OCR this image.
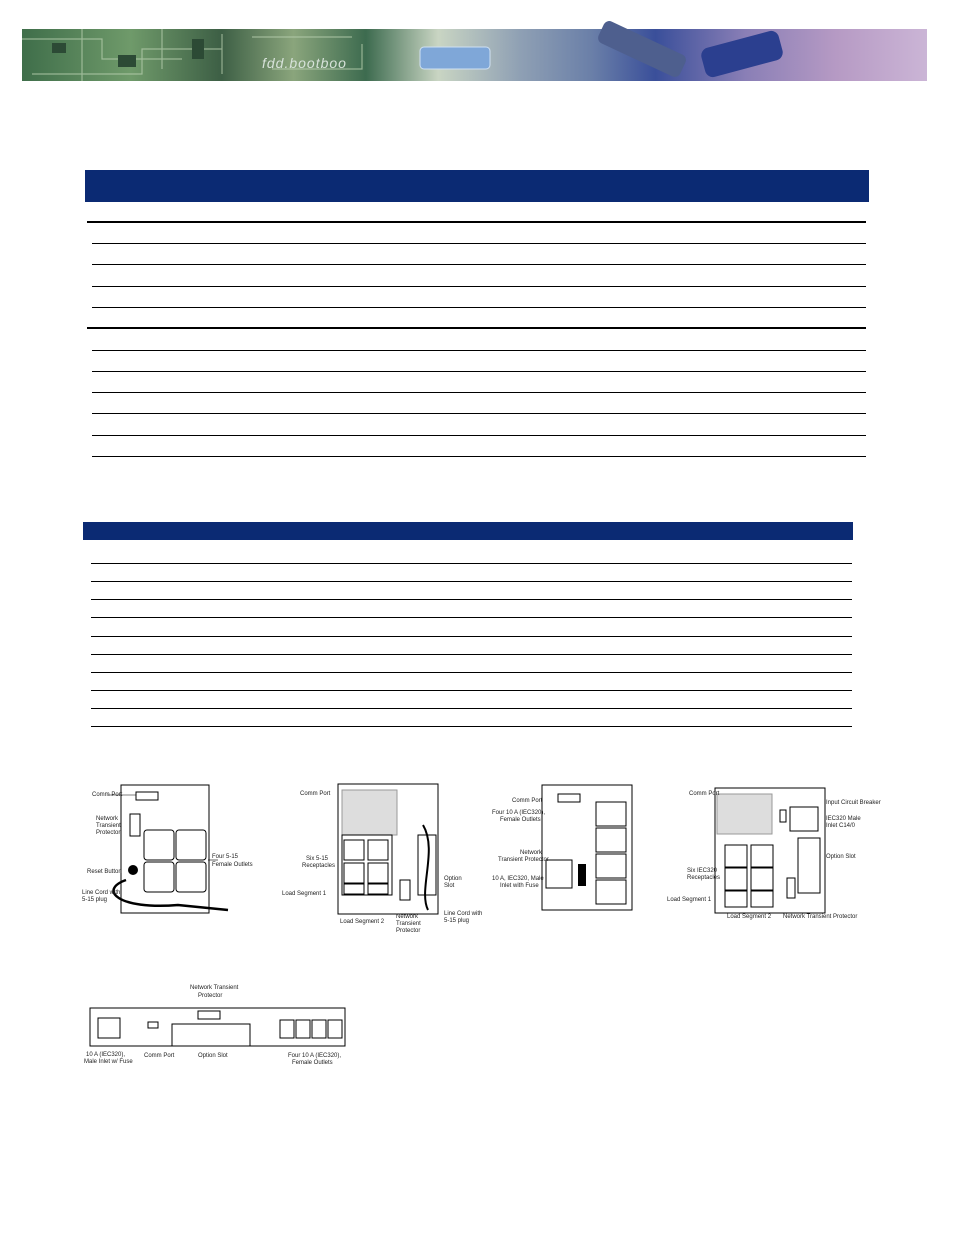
fdd.bootboo
Comm Port
Network
Transient
Protector
Reset Button
Line Cord with
5-15 plug
Four 5-15
Female Outlets
Comm Port
Six 5-15
Receptacles
Load Segment 1
Load Segment 2
Option
Slot
Network
Transient
Protector
Line Cord with
5-15 plug
Comm Port
Four 10 A (IEC320),
Female Outlets
Network
Transient Protector
10 A, IEC320, Male
Inlet with Fuse
Comm Port
Input Circuit Breaker
IEC320 Male
Inlet C14/0
Option Slot
Six IEC320
Receptacles
Load Segment 1
Load Segment 2 Network Transient Protector
Network Transient
Protector
10 A (IEC320),
Male Inlet w/ Fuse
Comm Port	Option Slot	Four 10 A (IEC320),
Female Outlets
